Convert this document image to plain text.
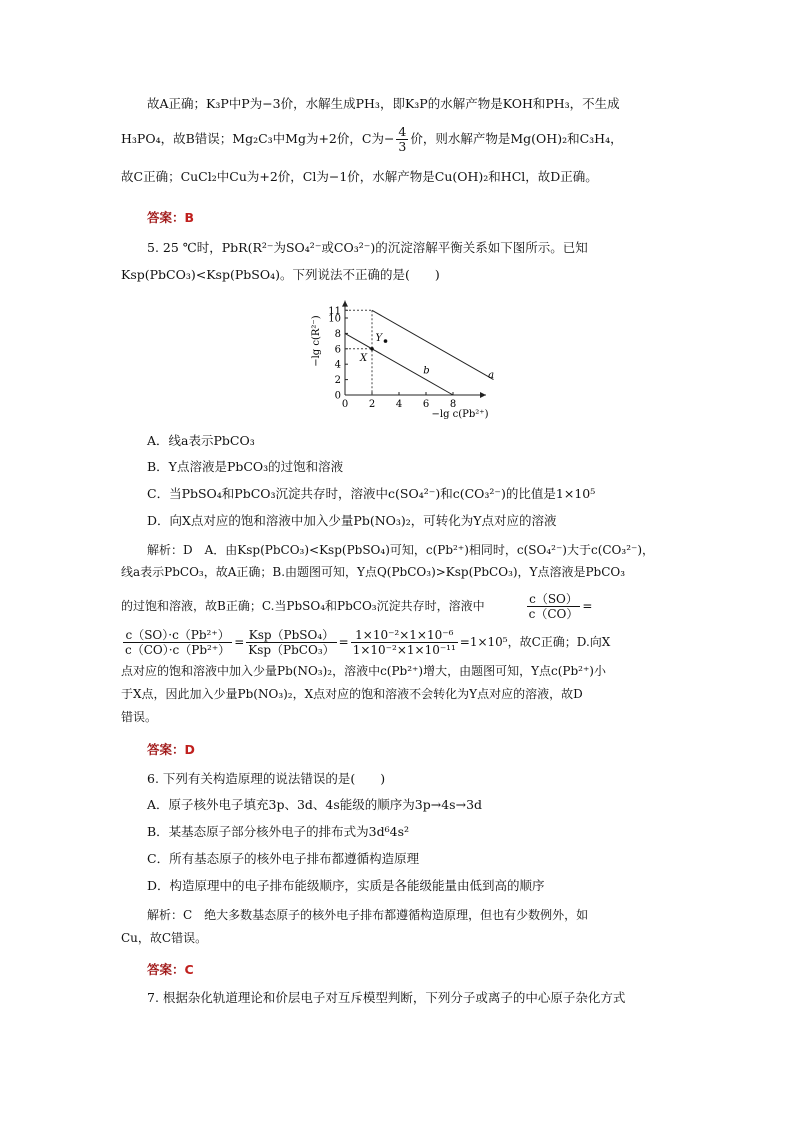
故A正确；K₃P中P为−3价，水解生成PH₃，即K₃P的水解产物是KOH和PH₃，不生成
H₃PO₄，故B错误；Mg₂C₃中Mg为+2价，C为− $\frac{4}{3}$ 价，则水解产物是Mg(OH)₂和C₃H₄，
故C正确；CuCl₂中Cu为+2价，Cl为−1价，水解产物是Cu(OH)₂和HCl，故D正确。
答案：B
5. 25 ℃时，PbR(R²⁻为SO₄²⁻或CO₃²⁻)的沉淀溶解平衡关系如下图所示。已知
Ksp(PbCO₃)<Ksp(PbSO₄)。下列说法不正确的是(　　)
0 2 4 6 8
0
2
4
6
8
10
11
−lg c(Pb²⁺)
−lg c(R²⁻)
a
b
X
Y
A．线a表示PbCO₃
B．Y点溶液是PbCO₃的过饱和溶液
C．当PbSO₄和PbCO₃沉淀共存时，溶液中c(SO₄²⁻)和c(CO₃²⁻)的比值是1×10⁵
D．向X点对应的饱和溶液中加入少量Pb(NO₃)₂，可转化为Y点对应的溶液
解析：D　A．由Ksp(PbCO₃)<Ksp(PbSO₄)可知，c(Pb²⁺)相同时，c(SO₄²⁻)大于c(CO₃²⁻)，
线a表示PbCO₃，故A正确；B.由题图可知，Y点Q(PbCO₃)>Ksp(PbCO₃)，Y点溶液是PbCO₃
的过饱和溶液，故B正确；C.当PbSO₄和PbCO₃沉淀共存时，溶液中	$\frac{c(SO)}{c(CO)}$ =
$\frac{\text{c（SO）·c（Pb²⁺）}}{\text{c（CO）·c（Pb²⁺）}} = \frac{\text{Ksp（PbSO₄）}}{\text{Ksp（PbCO₃）}} = \frac{\text{1×10⁻²×1×10⁻⁶}}{\text{1×10⁻²×1×10⁻¹¹}} =1\times 10^5$，故C正确；D.向X
点对应的饱和溶液中加入少量Pb(NO₃)₂，溶液中c(Pb²⁺)增大，由题图可知，Y点c(Pb²⁺)小
于X点，因此加入少量Pb(NO₃)₂，X点对应的饱和溶液不会转化为Y点对应的溶液，故D
错误。
答案：D
6. 下列有关构造原理的说法错误的是(　　)
A．原子核外电子填充3p、3d、4s能级的顺序为3p→4s→3d
B．某基态原子部分核外电子的排布式为3d⁶4s²
C．所有基态原子的核外电子排布都遵循构造原理
D．构造原理中的电子排布能级顺序，实质是各能级能量由低到高的顺序
解析：C　绝大多数基态原子的核外电子排布都遵循构造原理，但也有少数例外，如
Cu，故C错误。
答案：C
7. 根据杂化轨道理论和价层电子对互斥模型判断，下列分子或离子的中心原子杂化方式
